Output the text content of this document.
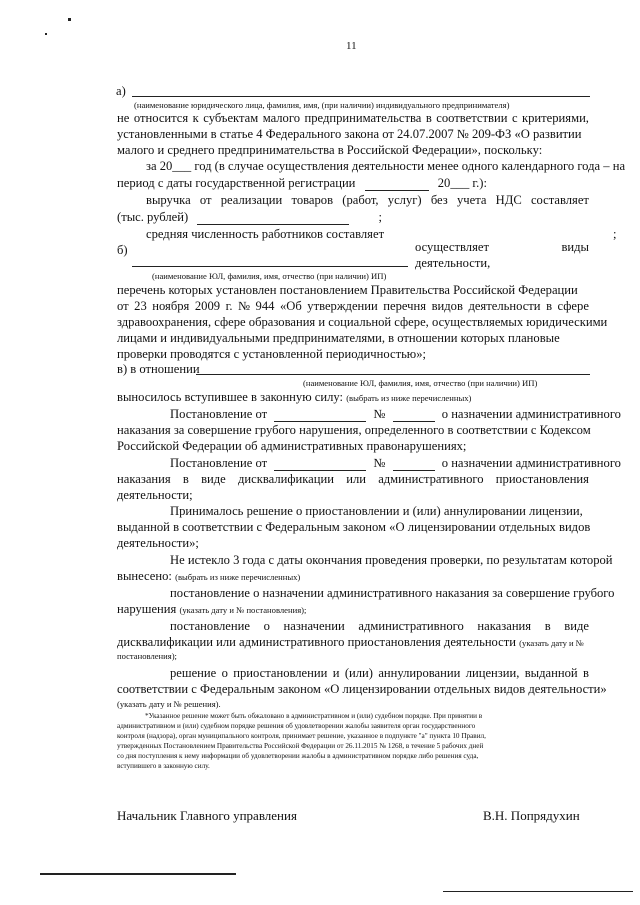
11
а)
(наименование юридического лица, фамилия, имя, (при наличии) индивидуального предпринимателя)
не относится к субъектам малого предпринимательства в соответствии с критериями,
установленными в статье 4 Федерального закона от 24.07.2007 № 209-ФЗ «О развитии
малого и среднего предпринимательства в Российской Федерации», поскольку:
за 20___ год (в случае осуществления деятельности менее одного календарного года – на
период с даты государственной регистрации	20___ г.):
выручка от реализации товаров (работ, услуг) без учета НДС составляет
(тыс. рублей)	;
средняя численность работников составляет	;
б)	осуществляет	виды
деятельности,
(наименование ЮЛ, фамилия, имя, отчество (при наличии) ИП)
перечень которых установлен постановлением Правительства Российской Федерации
от 23 ноября 2009 г. № 944 «Об утверждении перечня видов деятельности в сфере
здравоохранения, сфере образования и социальной сфере, осуществляемых юридическими
лицами и индивидуальными предпринимателями, в отношении которых плановые
проверки проводятся с установленной периодичностью»;
в) в отношении
(наименование ЮЛ, фамилия, имя, отчество (при наличии) ИП)
выносилось вступившее в законную силу: (выбрать из ниже перечисленных)
Постановление от	№	о назначении административного
наказания за совершение грубого нарушения, определенного в соответствии с Кодексом
Российской Федерации об административных правонарушениях;
Постановление от	№	о назначении административного
наказания в виде дисквалификации или административного приостановления
деятельности;
Принималось решение о приостановлении и (или) аннулировании лицензии,
выданной в соответствии с Федеральным законом «О лицензировании отдельных видов
деятельности»;
Не истекло 3 года с даты окончания проведения проверки, по результатам которой
вынесено: (выбрать из ниже перечисленных)
постановление о назначении административного наказания за совершение грубого
нарушения (указать дату и № постановления);
постановление о назначении административного наказания в виде
дисквалификации или административного приостановления деятельности (указать дату и №
постановления);
решение о приостановлении и (или) аннулировании лицензии, выданной в
соответствии с Федеральным законом «О лицензировании отдельных видов деятельности»
(указать дату и № решения).
*Указанное решение может быть обжаловано в административном и (или) судебном порядке. При принятии в
административном и (или) судебном порядке решения об удовлетворении жалобы заявителя орган государственного
контроля (надзора), орган муниципального контроля, принимает решение, указанное в подпункте "а" пункта 10 Правил,
утвержденных Постановлением Правительства Российской Федерации от 26.11.2015 № 1268, в течение 5 рабочих дней
со дня поступления к нему информации об удовлетворении жалобы в административном порядке либо решения суда,
вступившего в законную силу.
Начальник Главного управления	В.Н. Попрядухин
